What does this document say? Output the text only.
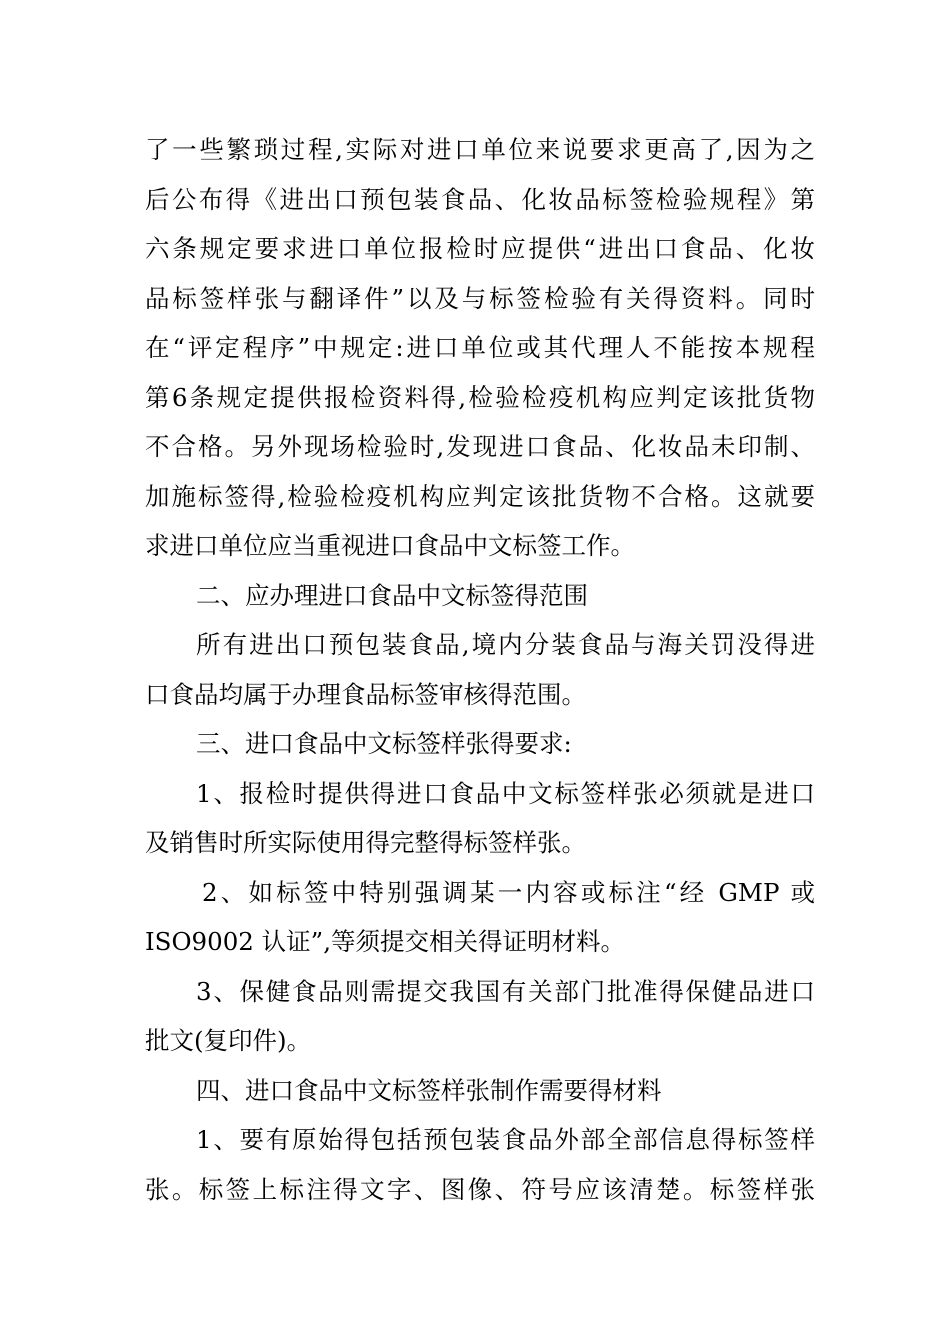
了一些繁琐过程,实际对进口单位来说要求更高了,因为之
后公布得《进出口预包装食品、化妆品标签检验规程》第
六条规定要求进口单位报检时应提供“进出口食品、化妆
品标签样张与翻译件”以及与标签检验有关得资料。同时
在“评定程序”中规定:进口单位或其代理人不能按本规程
第6条规定提供报检资料得,检验检疫机构应判定该批货物
不合格。另外现场检验时,发现进口食品、化妆品未印制、
加施标签得,检验检疫机构应判定该批货物不合格。这就要
求进口单位应当重视进口食品中文标签工作。
二、应办理进口食品中文标签得范围
所有进出口预包装食品,境内分装食品与海关罚没得进
口食品均属于办理食品标签审核得范围。
三、进口食品中文标签样张得要求:
1、报检时提供得进口食品中文标签样张必须就是进口
及销售时所实际使用得完整得标签样张。
2、如标签中特别强调某一内容或标注“经 GMP 或
ISO9002 认证”,等须提交相关得证明材料。
3、保健食品则需提交我国有关部门批准得保健品进口
批文(复印件)。
四、进口食品中文标签样张制作需要得材料
1、要有原始得包括预包装食品外部全部信息得标签样
张。标签上标注得文字、图像、符号应该清楚。标签样张
